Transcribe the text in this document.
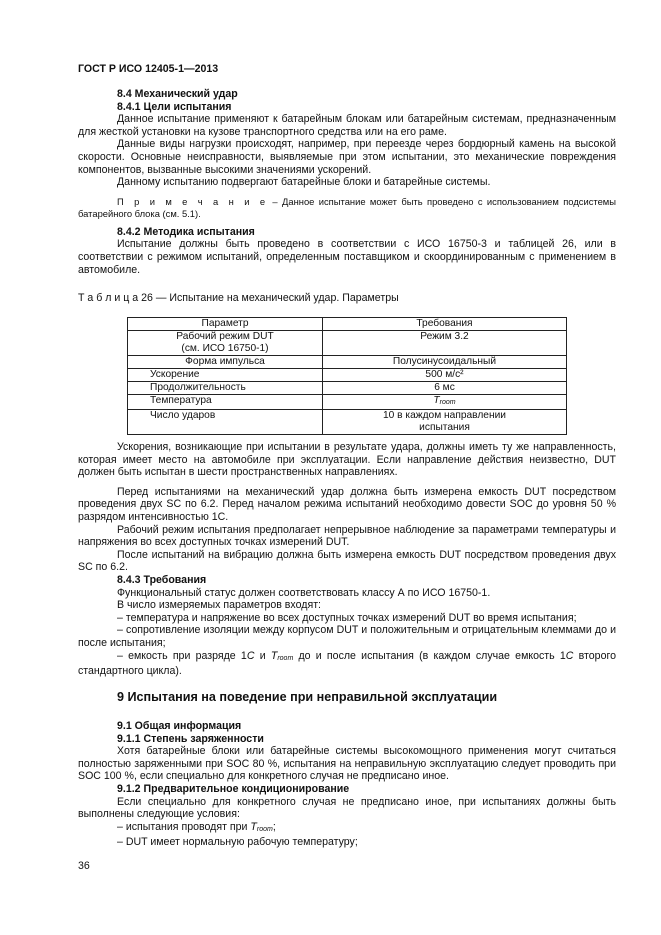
ГОСТ Р ИСО 12405-1—2013

8.4 Механический удар

8.4.1 Цели испытания

Данное испытание применяют к батарейным блокам или батарейным системам, предназначенным для жесткой установки на кузове транспортного средства или на его раме.

Данные виды нагрузки происходят, например, при переезде через бордюрный камень на высокой скорости. Основные неисправности, выявляемые при этом испытании, это механические повреждения компонентов, вызванные высокими значениями ускорений.

Данному испытанию подвергают батарейные блоки и батарейные системы.

П р и м е ч а н и е – Данное испытание может быть проведено с использованием подсистемы батарейного блока (см. 5.1).

8.4.2 Методика испытания

Испытание должны быть проведено в соответствии с ИСО 16750-3 и таблицей 26, или в соответствии с режимом испытаний, определенным поставщиком и скоординированным с применением в автомобиле.

Т а б л и ц а 26 — Испытание на механический удар. Параметры
Параметр	Требования
Рабочий режим DUT
(см. ИСО 16750-1)	Режим 3.2
Форма импульса	Полусинусоидальный
Ускорение	500 м/с²
Продолжительность	6 мс
Температура	$T_{room}$
Число ударов	10 в каждом направлении
испытания

Ускорения, возникающие при испытании в результате удара, должны иметь ту же направленность, которая имеет место на автомобиле при эксплуатации. Если направление действия неизвестно, DUT должен быть испытан в шести пространственных направлениях.

Перед испытаниями на механический удар должна быть измерена емкость DUT посредством проведения двух SC по 6.2. Перед началом режима испытаний необходимо довести SOC до уровня 50 % разрядом интенсивностью 1C.

Рабочий режим испытания предполагает непрерывное наблюдение за параметрами температуры и напряжения во всех доступных точках измерений DUT.

После испытаний на вибрацию должна быть измерена емкость DUT посредством проведения двух SC по 6.2.

8.4.3 Требования

Функциональный статус должен соответствовать классу А по ИСО 16750-1.

В число измеряемых параметров входят:

– температура и напряжение во всех доступных точках измерений DUT во время испытания;

– сопротивление изоляции между корпусом DUT и положительным и отрицательным клеммами до и после испытания;

– емкость при разряде 1C и $T_{room}$ до и после испытания (в каждом случае емкость 1C второго стандартного цикла).

9 Испытания на поведение при неправильной эксплуатации

9.1 Общая информация

9.1.1 Степень заряженности

Хотя батарейные блоки или батарейные системы высокомощного применения могут считаться полностью заряженными при SOC 80 %, испытания на неправильную эксплуатацию следует проводить при SOC 100 %, если специально для конкретного случая не предписано иное.

9.1.2 Предварительное кондиционирование

Если специально для конкретного случая не предписано иное, при испытаниях должны быть выполнены следующие условия:

– испытания проводят при $T_{room}$;

– DUT имеет нормальную рабочую температуру;

36
